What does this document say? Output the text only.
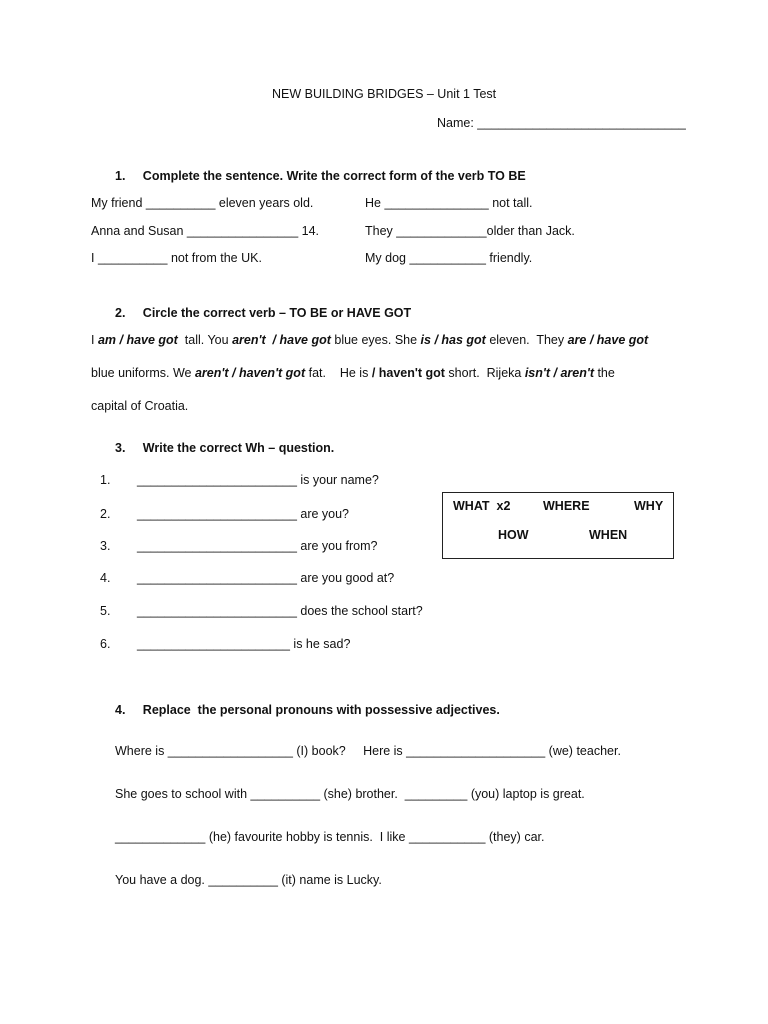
NEW BUILDING BRIDGES – Unit 1 Test
Name: ______________________________
1.     Complete the sentence. Write the correct form of the verb TO BE
My friend __________ eleven years old.	He _______________ not tall.
Anna and Susan ________________ 14.	They _____________older than Jack.
I __________ not from the UK.	My dog ___________ friendly.
2.     Circle the correct verb – TO BE or HAVE GOT
I am / have got  tall. You aren't  / have got blue eyes. She is / has got eleven.  They are / have got
blue uniforms. We aren't / haven't got fat.    He is / haven't got short.  Rijeka isn't / aren't the
capital of Croatia.
3.     Write the correct Wh – question.
1. _______________________ is your name?
2. _______________________ are you?
3. _______________________ are you from?
4. _______________________ are you good at?
5. _______________________ does the school start?
6. ______________________ is he sad?
WHAT  x2	WHERE	WHY
HOW	WHEN
4.     Replace  the personal pronouns with possessive adjectives.
Where is __________________ (I) book?     Here is ____________________ (we) teacher.
She goes to school with __________ (she) brother.  _________ (you) laptop is great.
_____________ (he) favourite hobby is tennis.  I like ___________ (they) car.
You have a dog. __________ (it) name is Lucky.
